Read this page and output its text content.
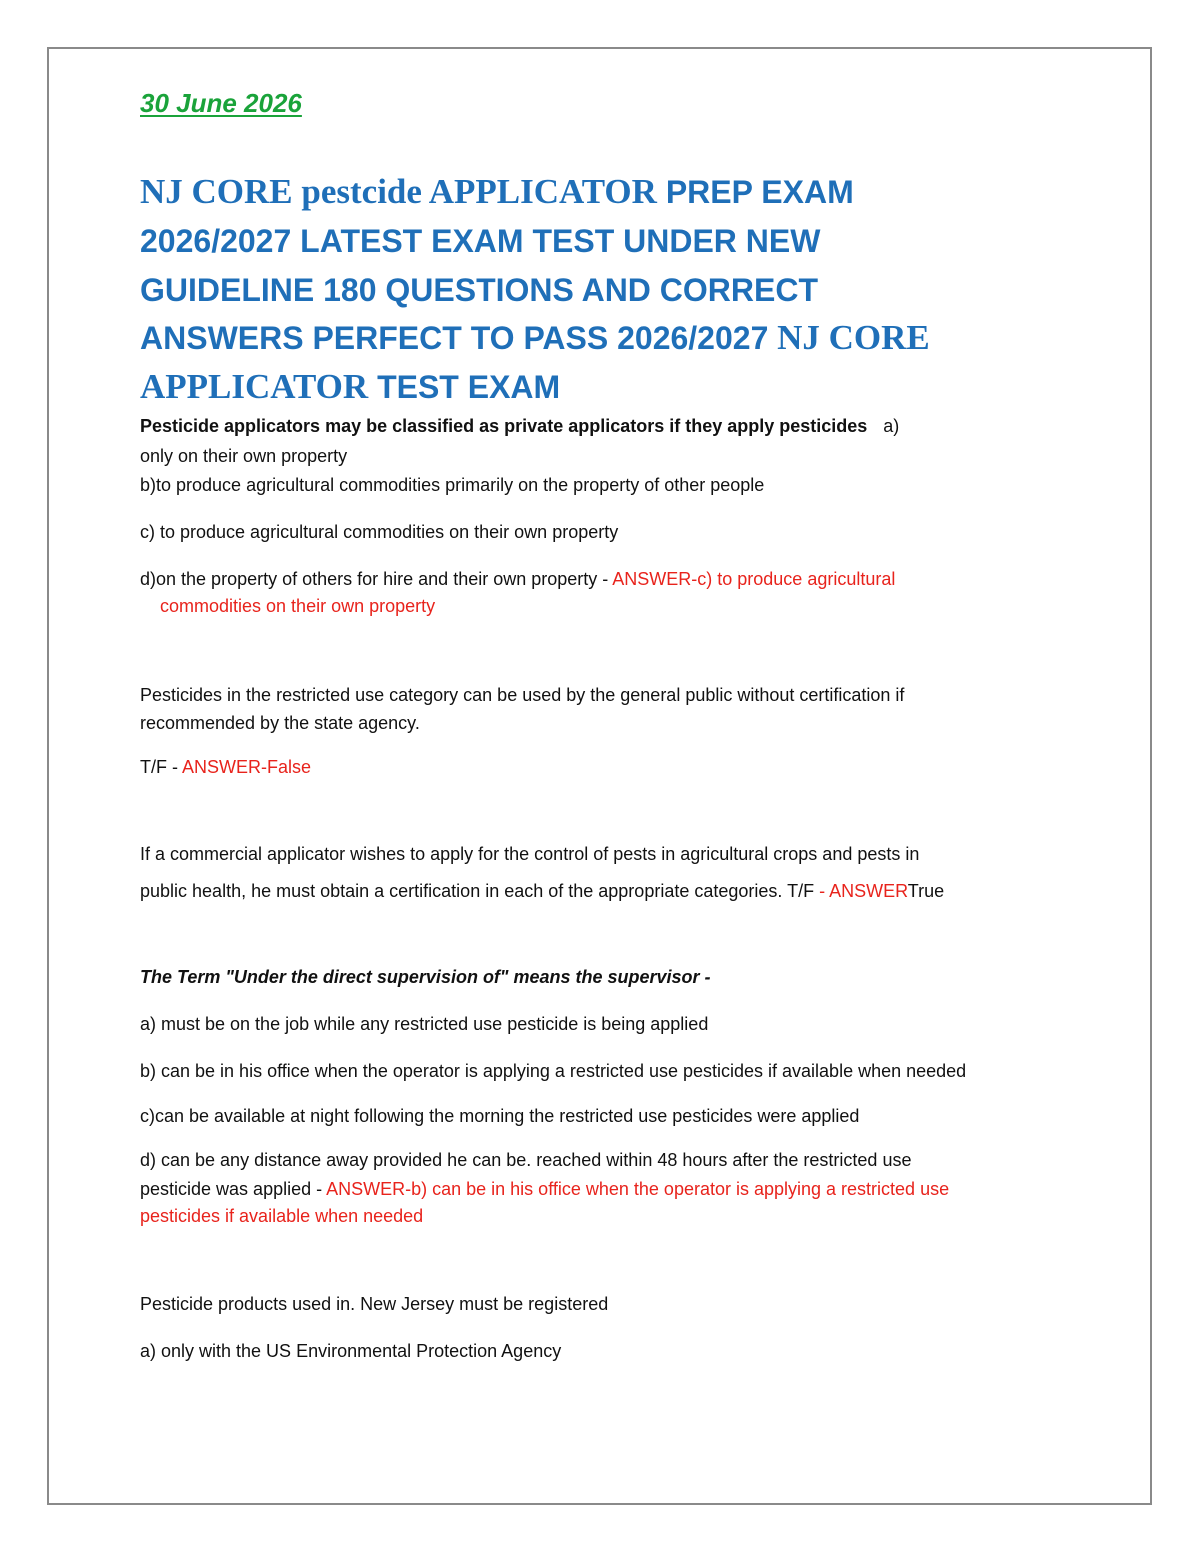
30 June 2026

NJ CORE pestcide APPLICATOR PREP EXAM

2026/2027 LATEST EXAM TEST UNDER NEW

GUIDELINE 180 QUESTIONS AND CORRECT

ANSWERS PERFECT TO PASS 2026/2027 NJ CORE

APPLICATOR TEST EXAM

Pesticide applicators may be classified as private applicators if they apply pesticides a)

only on their own property

b)to produce agricultural commodities primarily on the property of other people

c) to produce agricultural commodities on their own property

d)on the property of others for hire and their own property - ANSWER-c) to produce agricultural

commodities on their own property

Pesticides in the restricted use category can be used by the general public without certification if

recommended by the state agency.

T/F - ANSWER-False

If a commercial applicator wishes to apply for the control of pests in agricultural crops and pests in

public health, he must obtain a certification in each of the appropriate categories. T/F - ANSWERTrue

The Term "Under the direct supervision of" means the supervisor -

a) must be on the job while any restricted use pesticide is being applied

b) can be in his office when the operator is applying a restricted use pesticides if available when needed

c)can be available at night following the morning the restricted use pesticides were applied

d) can be any distance away provided he can be. reached within 48 hours after the restricted use

pesticide was applied - ANSWER-b) can be in his office when the operator is applying a restricted use

pesticides if available when needed

Pesticide products used in. New Jersey must be registered

a) only with the US Environmental Protection Agency
